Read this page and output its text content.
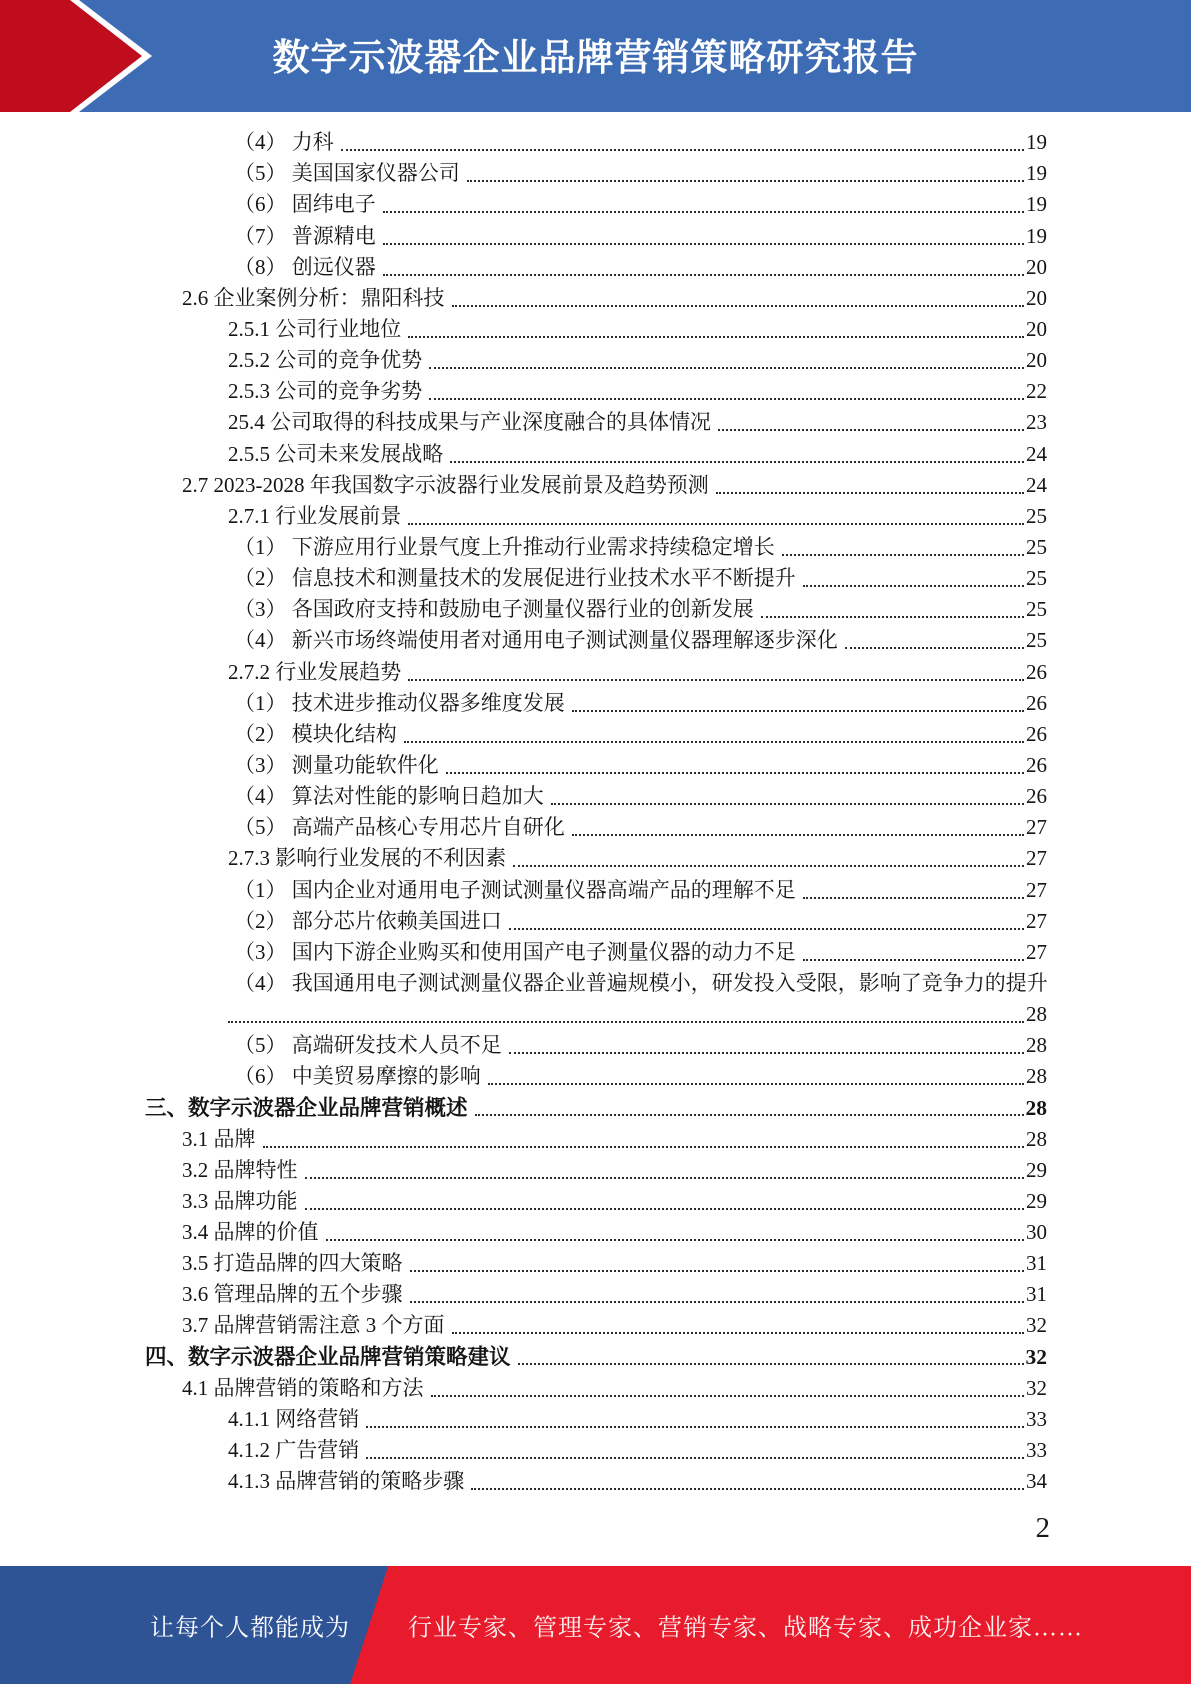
数字示波器企业品牌营销策略研究报告
（4） 力科	19
（5） 美国国家仪器公司	19
（6） 固纬电子	19
（7） 普源精电	19
（8） 创远仪器	20
2.6 企业案例分析：鼎阳科技	20
2.5.1 公司行业地位	20
2.5.2 公司的竞争优势	20
2.5.3 公司的竞争劣势	22
25.4 公司取得的科技成果与产业深度融合的具体情况	23
2.5.5 公司未来发展战略	24
2.7 2023-2028 年我国数字示波器行业发展前景及趋势预测	24
2.7.1 行业发展前景	25
（1） 下游应用行业景气度上升推动行业需求持续稳定增长	25
（2） 信息技术和测量技术的发展促进行业技术水平不断提升	25
（3） 各国政府支持和鼓励电子测量仪器行业的创新发展	25
（4） 新兴市场终端使用者对通用电子测试测量仪器理解逐步深化	25
2.7.2 行业发展趋势	26
（1） 技术进步推动仪器多维度发展	26
（2） 模块化结构	26
（3） 测量功能软件化	26
（4） 算法对性能的影响日趋加大	26
（5） 高端产品核心专用芯片自研化	27
2.7.3 影响行业发展的不利因素	27
（1） 国内企业对通用电子测试测量仪器高端产品的理解不足	27
（2） 部分芯片依赖美国进口	27
（3） 国内下游企业购买和使用国产电子测量仪器的动力不足	27
（4） 我国通用电子测试测量仪器企业普遍规模小，研发投入受限，影响了竞争力的提升
28
（5） 高端研发技术人员不足	28
（6） 中美贸易摩擦的影响	28
三、数字示波器企业品牌营销概述	28
3.1 品牌	28
3.2 品牌特性	29
3.3 品牌功能	29
3.4 品牌的价值	30
3.5 打造品牌的四大策略	31
3.6 管理品牌的五个步骤	31
3.7 品牌营销需注意 3 个方面	32
四、数字示波器企业品牌营销策略建议	32
4.1 品牌营销的策略和方法	32
4.1.1 网络营销	33
4.1.2 广告营销	33
4.1.3 品牌营销的策略步骤	34
2
让每个人都能成为 行业专家、管理专家、营销专家、战略专家、成功企业家……
